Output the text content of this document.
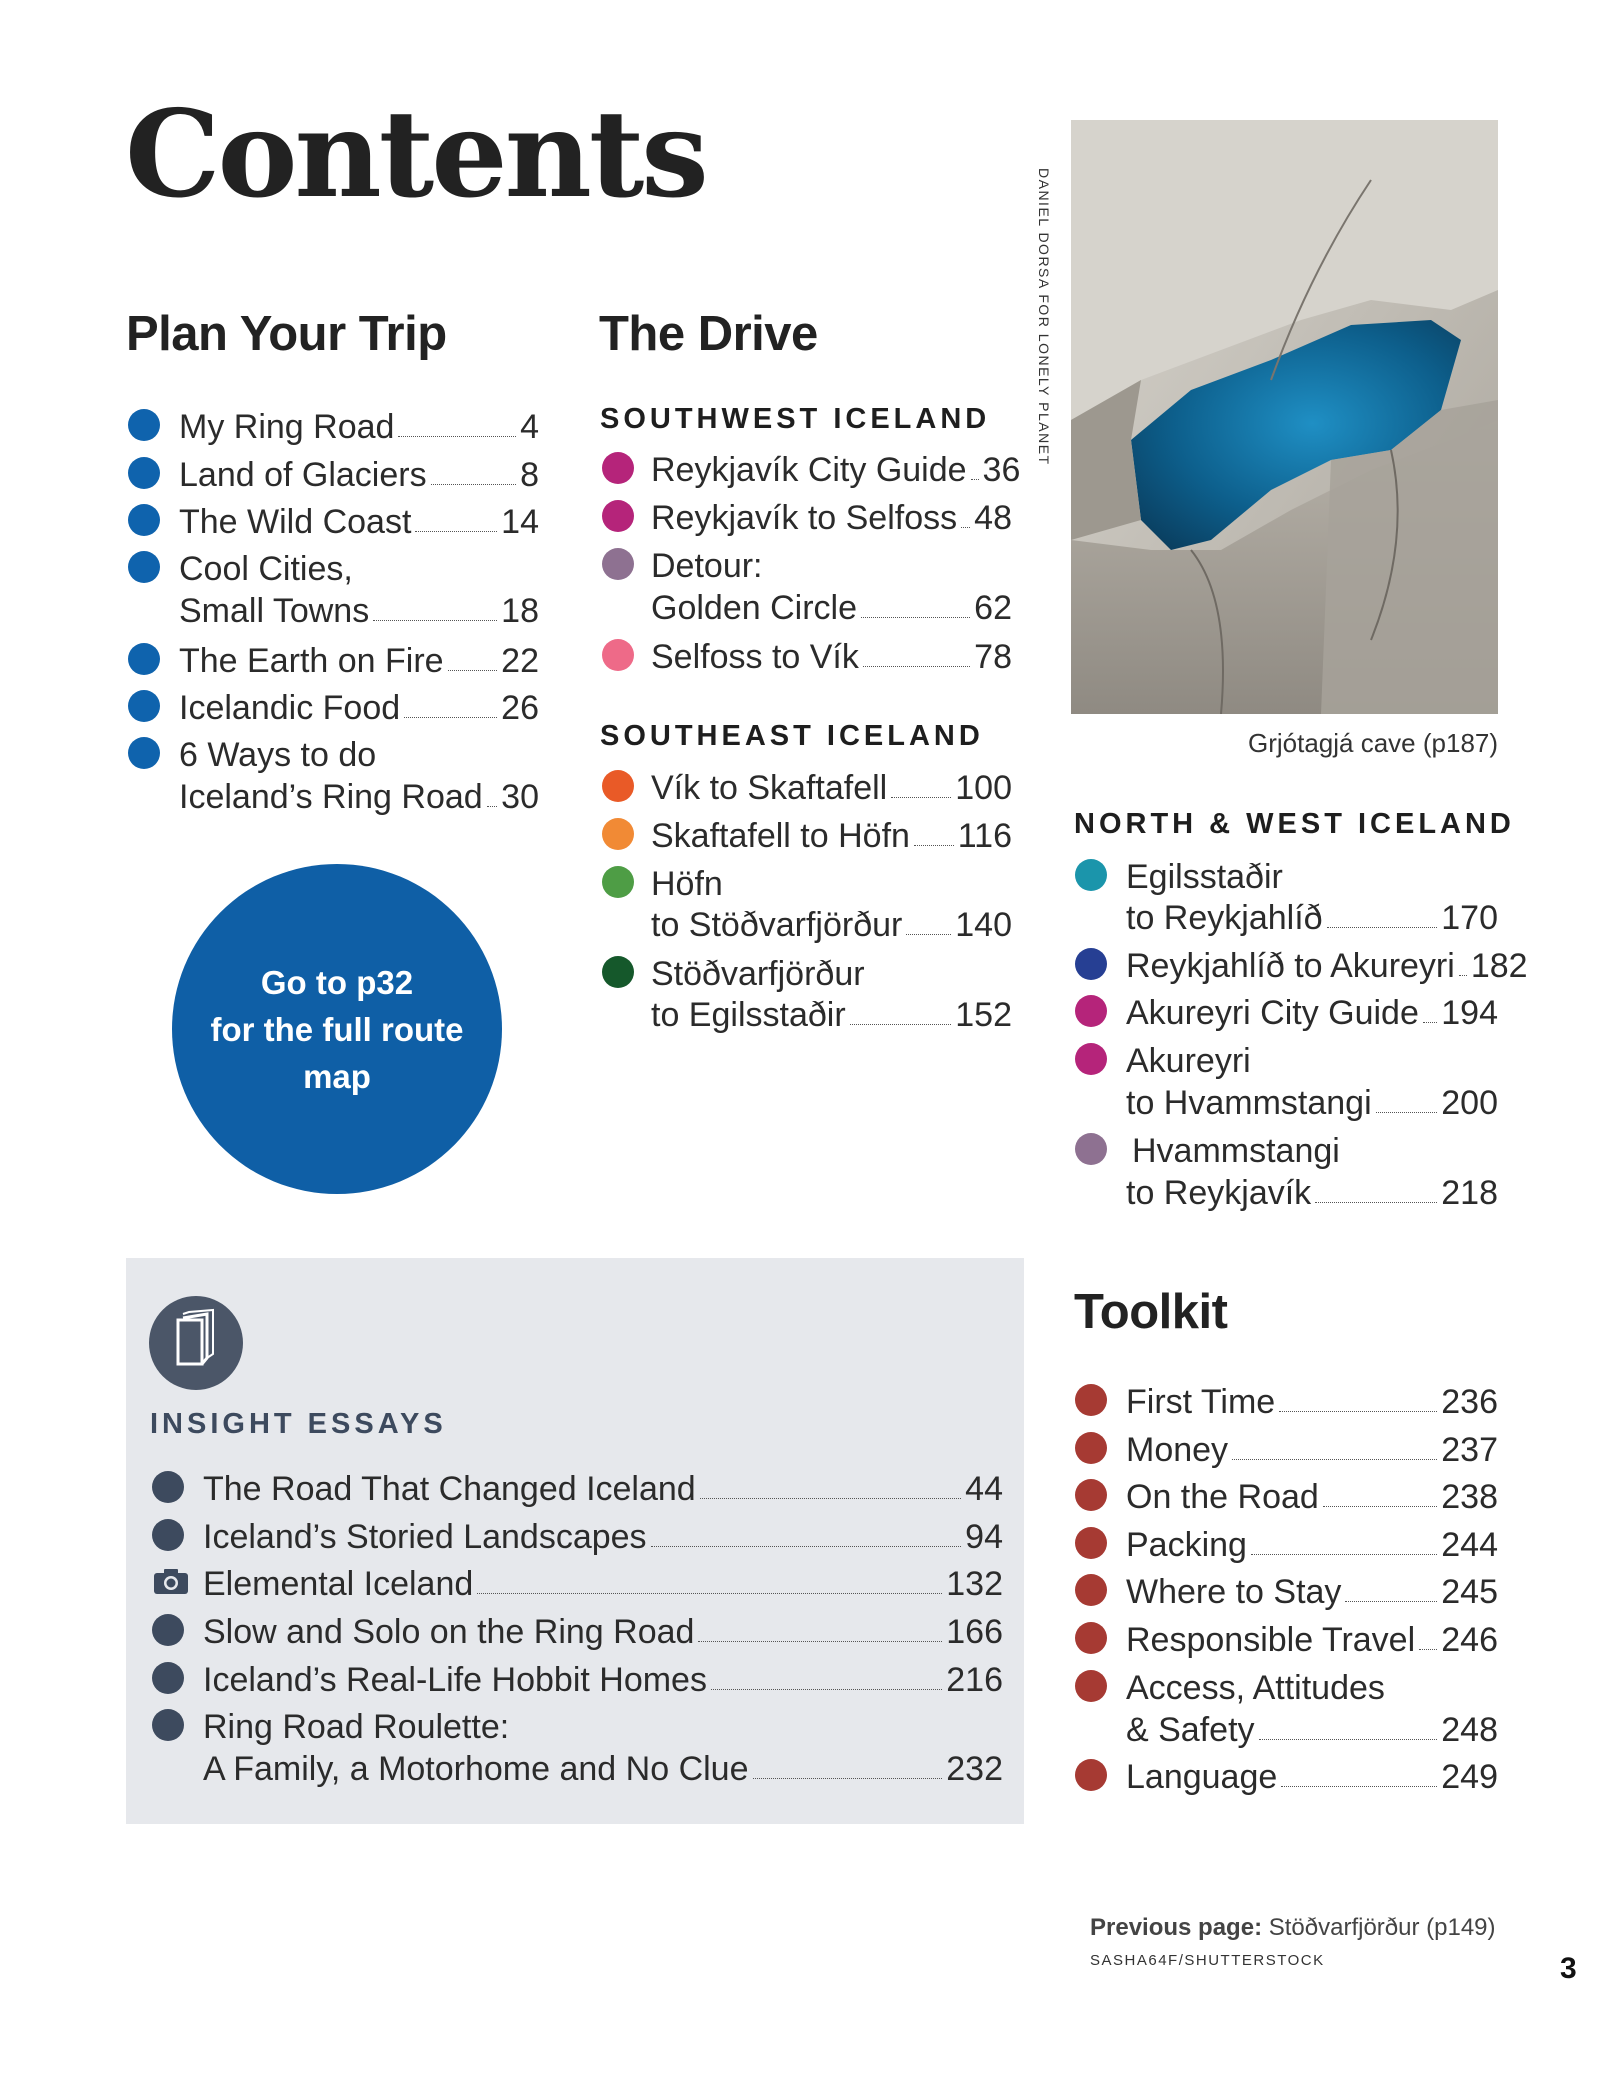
Contents
Plan Your Trip
My Ring Road	4
Land of Glaciers	8
The Wild Coast	14
Cool Cities,
Small Towns	18
The Earth on Fire 22
Icelandic Food	26
6 Ways to do
Iceland’s Ring Road 30
Go to p32
for the full route
map
The Drive
SOUTHWEST ICELAND
Reykjavík City Guide 36
Reykjavík to Selfoss 48
Detour:
Golden Circle	62
Selfoss to Vík	78
SOUTHEAST ICELAND
Vík to Skaftafell 100
Skaftafell to Höfn 116
Höfn
to Stöðvarfjörður 140
Stöðvarfjörður
to Egilsstaðir	152
DANIEL DORSA FOR LONELY PLANET
Grjótagjá cave (p187)
NORTH & WEST ICELAND
Egilsstaðir
to Reykjahlíð	170
Reykjahlíð to Akureyri 182
Akureyri City Guide 194
Akureyri
to Hvammstangi 200
Hvammstangi
to Reykjavík	218
INSIGHT ESSAYS
The Road That Changed Iceland	44
Iceland’s Storied Landscapes	94
Elemental Iceland	132
Slow and Solo on the Ring Road	166
Iceland’s Real-Life Hobbit Homes	216
Ring Road Roulette:
A Family, a Motorhome and No Clue	232
Toolkit
First Time	236
Money	237
On the Road	238
Packing	244
Where to Stay	245
Responsible Travel 246
Access, Attitudes
& Safety	248
Language	249
Previous page: Stöðvarfjörður (p149)
SASHA64F/SHUTTERSTOCK	3
